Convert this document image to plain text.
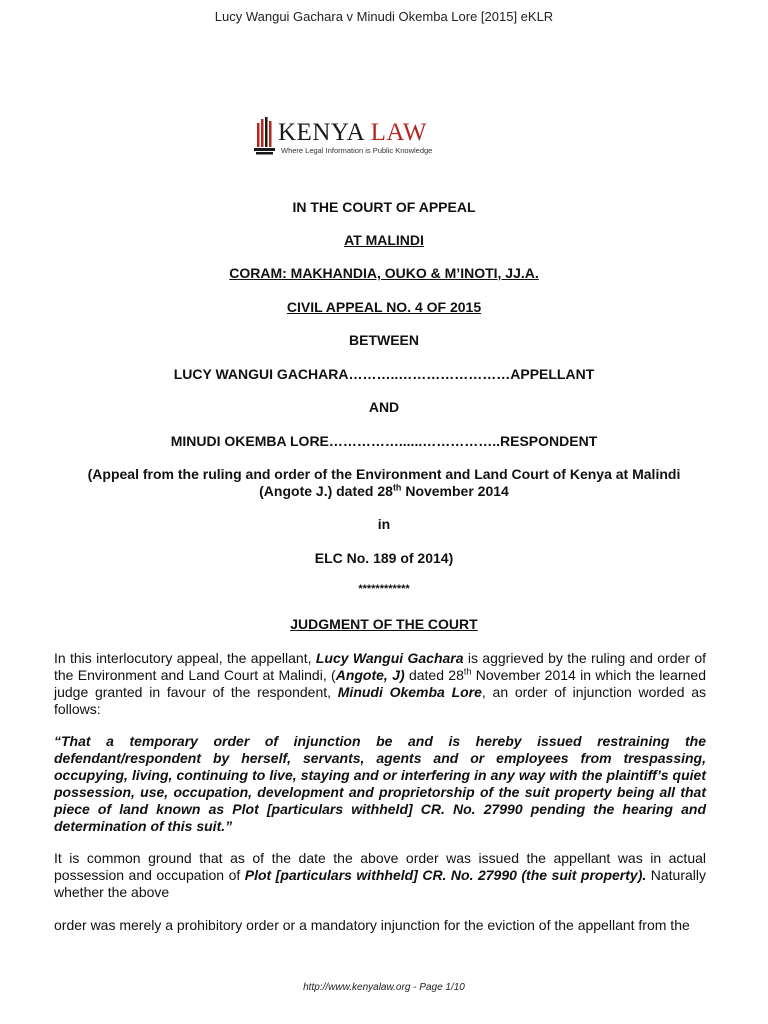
Lucy Wangui Gachara v Minudi Okemba Lore [2015] eKLR
KENYA LAW
Where Legal Information is Public Knowledge
IN THE COURT OF APPEAL
AT MALINDI
CORAM: MAKHANDIA, OUKO & M’INOTI, JJ.A.
CIVIL APPEAL NO. 4 OF 2015
BETWEEN
LUCY WANGUI GACHARA………..……………………APPELLANT
AND
MINUDI OKEMBA LORE……………......……………..RESPONDENT
(Appeal from the ruling and order of the Environment and Land Court of Kenya at Malindi
(Angote J.) dated 28th November 2014
in
ELC No. 189 of 2014)
************
JUDGMENT OF THE COURT
In this interlocutory appeal, the appellant, Lucy Wangui Gachara is aggrieved by the ruling and order of the Environment and Land Court at Malindi, (Angote, J) dated 28th November 2014 in which the learned judge granted in favour of the respondent, Minudi Okemba Lore, an order of injunction worded as follows:
“That a temporary order of injunction be and is hereby issued restraining the defendant/respondent by herself, servants, agents and or employees from trespassing, occupying, living, continuing to live, staying and or interfering in any way with the plaintiff’s quiet possession, use, occupation, development and proprietorship of the suit property being all that piece of land known as Plot [particulars withheld] CR. No. 27990 pending the hearing and determination of this suit.”
It is common ground that as of the date the above order was issued the appellant was in actual possession and occupation of Plot [particulars withheld] CR. No. 27990 (the suit property). Naturally whether the above
order was merely a prohibitory order or a mandatory injunction for the eviction of the appellant from the
http://www.kenyalaw.org - Page 1/10
